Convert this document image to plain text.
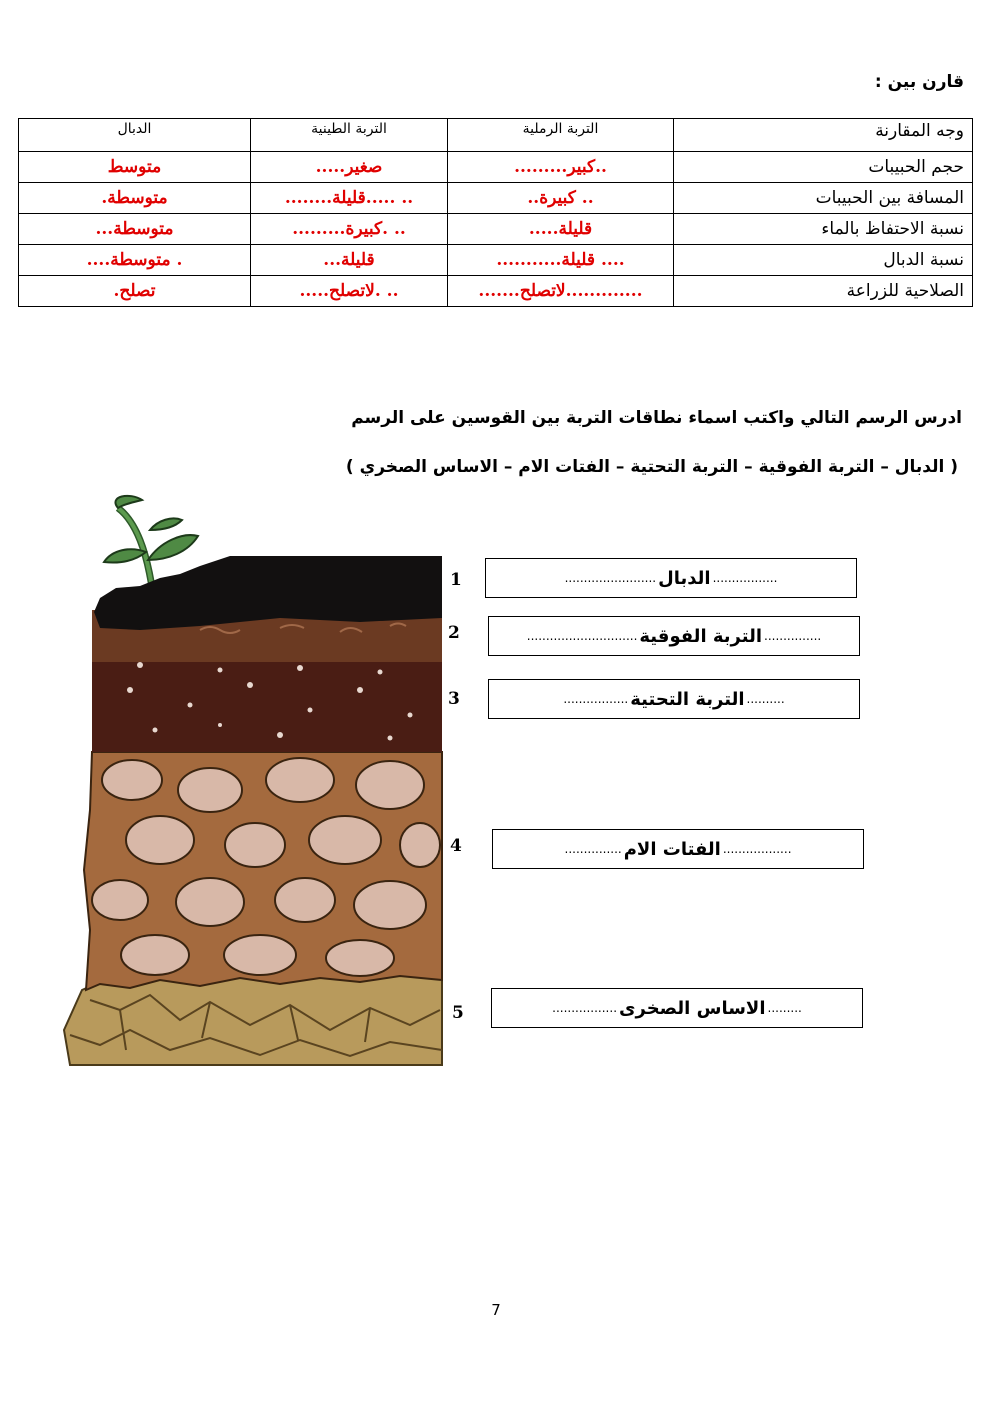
قارن بين :
وجه المقارنة	التربة الرملية	التربة الطينية	الدبال
حجم الحبيبات	..كبير.........	صغير.....	متوسط
المسافة بين الحبيبات	.. كبيرة..	.. .....قليلة........	متوسطة.
نسبة الاحتفاظ بالماء	قليلة.....	.. .كبيرة.........	متوسطة...
نسبة الدبال	.... قليلة...........	قليلة...	. متوسطة....
الصلاحية للزراعة	.............لاتصلح.......	.. .لاتصلح.....	تصلح.
ادرس الرسم التالي واكتب اسماء نطاقات التربة بين القوسين على الرسم
( الدبال – التربة الفوقية – التربة التحتية – الفتات الام – الاساس الصخري )
1
2
3
4
5
.................
الدبال
........................
...............
التربة الفوقية
.............................
..........
التربة التحتية
.................
..................
الفتات الام
...............
.........
الاساس الصخرى
.................
7
